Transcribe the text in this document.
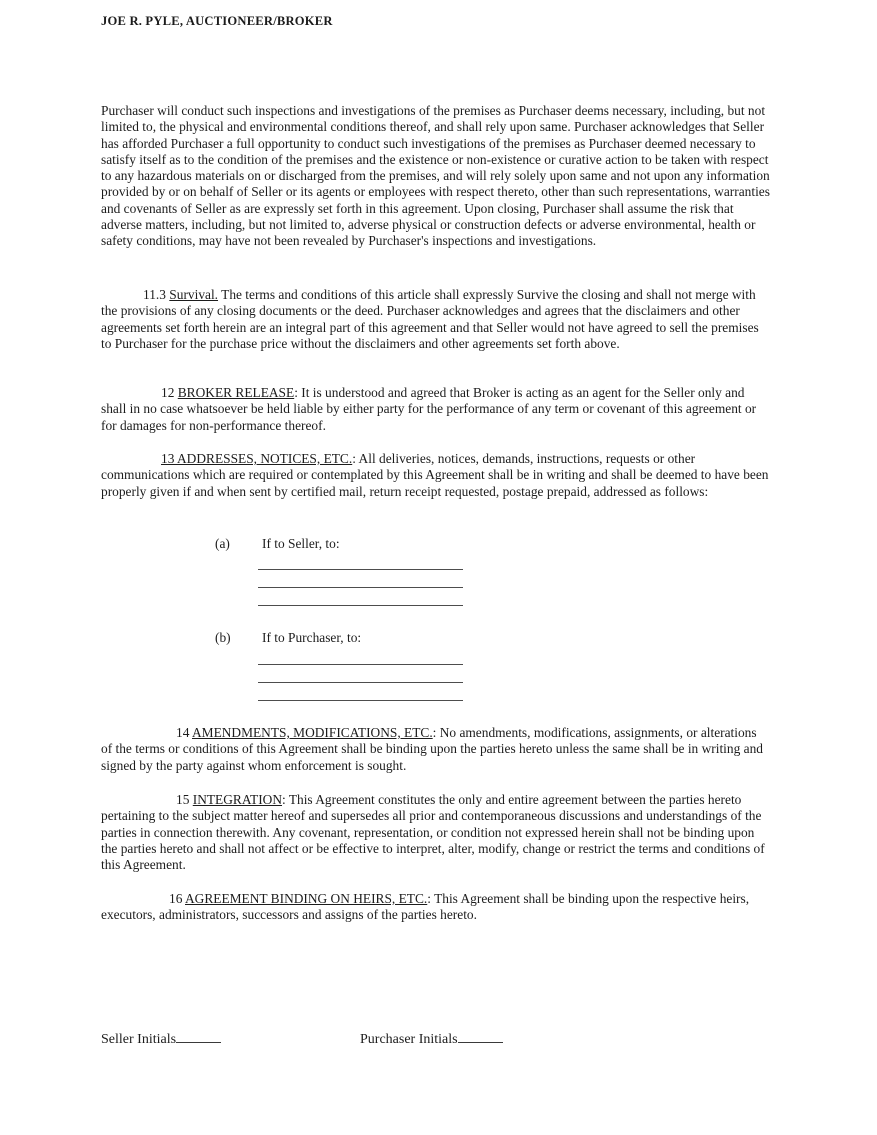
JOE R. PYLE, AUCTIONEER/BROKER

Purchaser will conduct such inspections and investigations of the premises as Purchaser deems necessary, including, but not limited to, the physical and environmental conditions thereof, and shall rely upon same. Purchaser acknowledges that Seller has afforded Purchaser a full opportunity to conduct such investigations of the premises as Purchaser deemed necessary to satisfy itself as to the condition of the premises and the existence or non-existence or curative action to be taken with respect to any hazardous materials on or discharged from the premises, and will rely solely upon same and not upon any information provided by or on behalf of Seller or its agents or employees with respect thereto, other than such representations, warranties and covenants of Seller as are expressly set forth in this agreement. Upon closing, Purchaser shall assume the risk that adverse matters, including, but not limited to, adverse physical or construction defects or adverse environmental, health or safety conditions, may have not been revealed by Purchaser's inspections and investigations.

11.3 Survival. The terms and conditions of this article shall expressly Survive the closing and shall not merge with the provisions of any closing documents or the deed. Purchaser acknowledges and agrees that the disclaimers and other agreements set forth herein are an integral part of this agreement and that Seller would not have agreed to sell the premises to Purchaser for the purchase price without the disclaimers and other agreements set forth above.

12 BROKER RELEASE: It is understood and agreed that Broker is acting as an agent for the Seller only and shall in no case whatsoever be held liable by either party for the performance of any term or covenant of this agreement or for damages for non-performance thereof.

13 ADDRESSES, NOTICES, ETC.: All deliveries, notices, demands, instructions, requests or other communications which are required or contemplated by this Agreement shall be in writing and shall be deemed to have been properly given if and when sent by certified mail, return receipt requested, postage prepaid, addressed as follows:

(a) If to Seller, to:
(b) If to Purchaser, to:

14 AMENDMENTS, MODIFICATIONS, ETC.: No amendments, modifications, assignments, or alterations of the terms or conditions of this Agreement shall be binding upon the parties hereto unless the same shall be in writing and signed by the party against whom enforcement is sought.

15 INTEGRATION: This Agreement constitutes the only and entire agreement between the parties hereto pertaining to the subject matter hereof and supersedes all prior and contemporaneous discussions and understandings of the parties in connection therewith. Any covenant, representation, or condition not expressed herein shall not be binding upon the parties hereto and shall not affect or be effective to interpret, alter, modify, change or restrict the terms and conditions of this Agreement.

16 AGREEMENT BINDING ON HEIRS, ETC.: This Agreement shall be binding upon the respective heirs, executors, administrators, successors and assigns of the parties hereto.

Seller Initials	Purchaser Initials
